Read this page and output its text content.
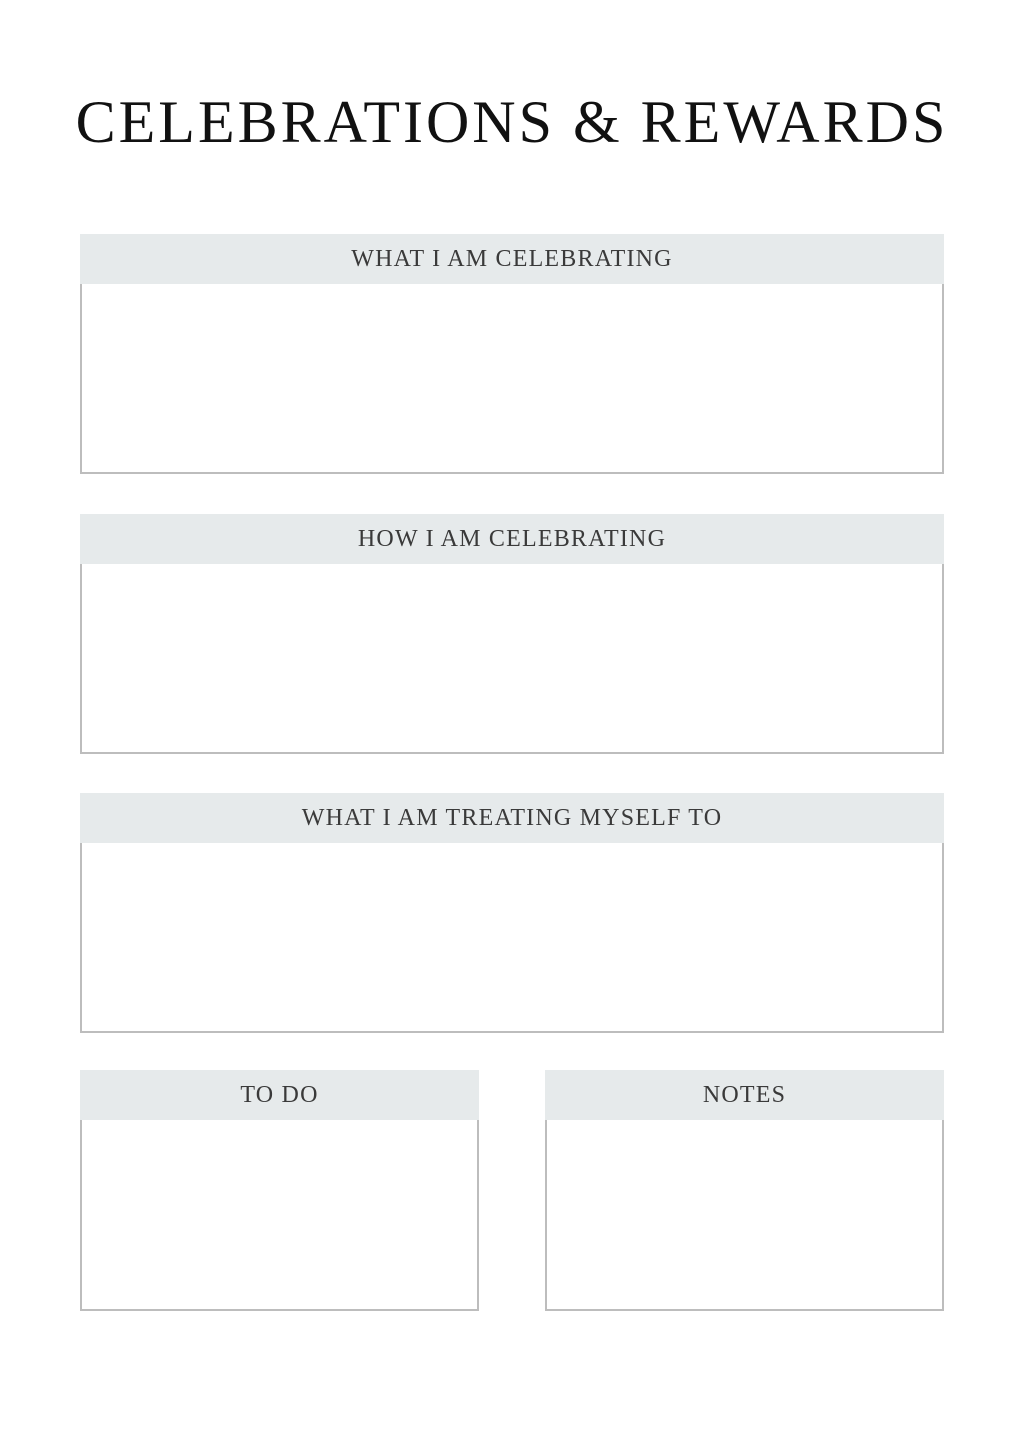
CELEBRATIONS & REWARDS
WHAT I AM CELEBRATING
HOW I AM CELEBRATING
WHAT I AM TREATING MYSELF TO
TO DO	NOTES
